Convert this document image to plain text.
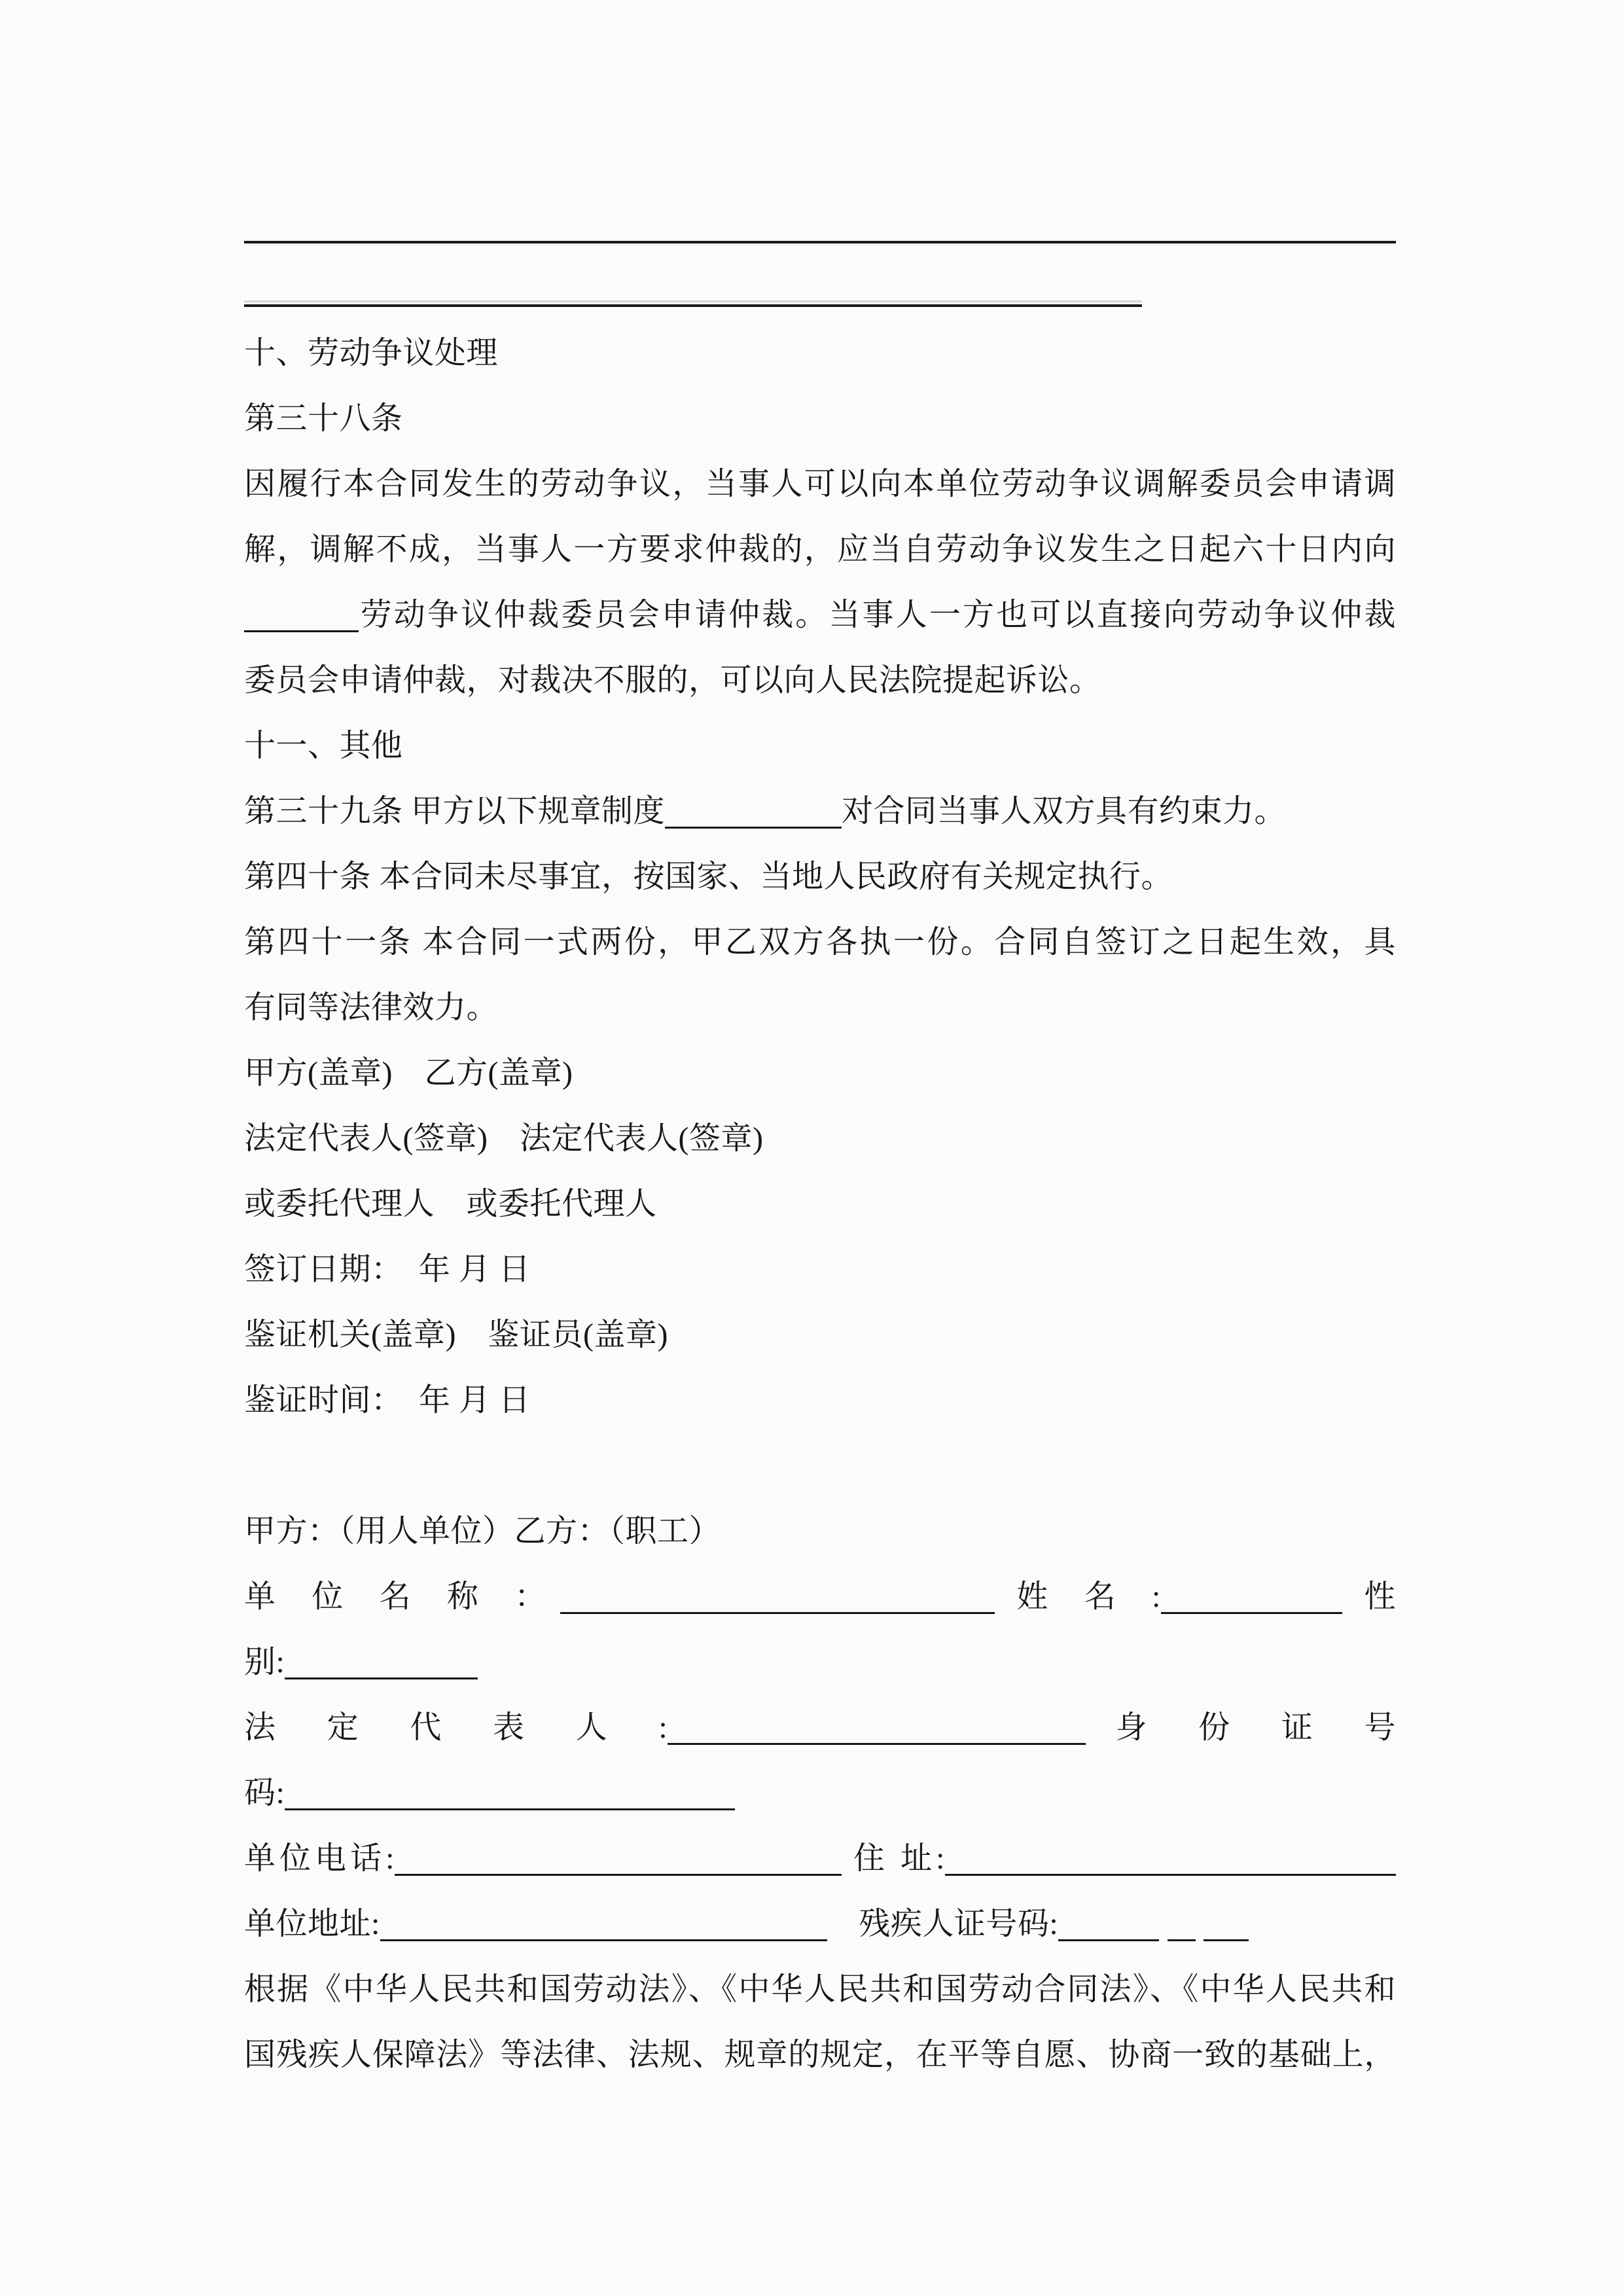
十、劳动争议处理
第三十八条
因履行本合同发生的劳动争议，当事人可以向本单位劳动争议调解委员会申请调
解，调解不成，当事人一方要求仲裁的，应当自劳动争议发生之日起六十日内向
劳动争议仲裁委员会申请仲裁。当事人一方也可以直接向劳动争议仲裁
委员会申请仲裁，对裁决不服的，可以向人民法院提起诉讼。
十一、其他
第三十九条 甲方以下规章制度	对合同当事人双方具有约束力。
第四十条 本合同未尽事宜，按国家、当地人民政府有关规定执行。
第四十一条 本合同一式两份，甲乙双方各执一份。合同自签订之日起生效，具
有同等法律效力。
甲方(盖章)　乙方(盖章)
法定代表人(签章)　法定代表人(签章)
或委托代理人　或委托代理人
签订日期：　年 月 日
鉴证机关(盖章)　鉴证员(盖章)
鉴证时间：　年 月 日
甲方：（用人单位）乙方：（职工）
单 位 名 称 ：	姓 名 :	性
别:
法 定 代 表 人 :	身 份 证 号
码:
单位电话:	住 址:
单位地址:	　残疾人证号码:
根据《中华人民共和国劳动法》、《中华人民共和国劳动合同法》、《中华人民共和
国残疾人保障法》等法律、法规、规章的规定，在平等自愿、协商一致的基础上，
